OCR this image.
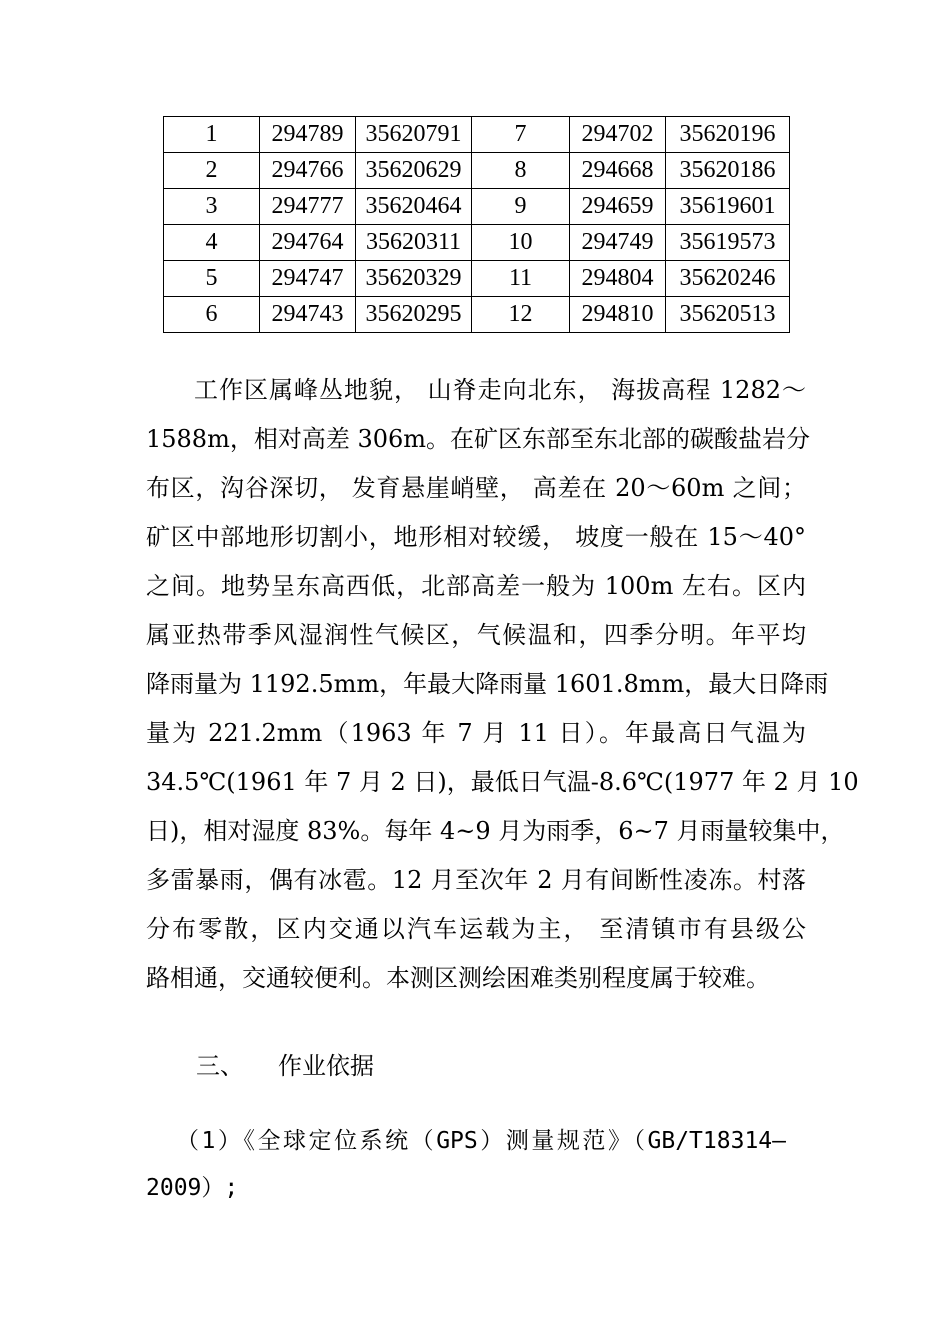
1	294789	35620791	7	294702	35620196
2	294766	35620629	8	294668	35620186
3	294777	35620464	9	294659	35619601
4	294764	35620311	10	294749	35619573
5	294747	35620329	11	294804	35620246
6	294743	35620295	12	294810	35620513

工作区属峰丛地貌， 山脊走向北东， 海拔高程 1282～
1588m，相对高差 306m。在矿区东部至东北部的碳酸盐岩分
布区，沟谷深切， 发育悬崖峭壁， 高差在 20～60m 之间；
矿区中部地形切割小，地形相对较缓， 坡度一般在 15～40°
之间。地势呈东高西低，北部高差一般为 100m 左右。区内
属亚热带季风湿润性气候区，气候温和，四季分明。年平均
降雨量为 1192.5mm，年最大降雨量 1601.8mm，最大日降雨
量为 221.2mm（1963 年 7 月 11 日）。年最高日气温为
34.5℃(1961 年 7 月 2 日)，最低日气温-8.6℃(1977 年 2 月 10
日)，相对湿度 83%。每年 4~9 月为雨季，6~7 月雨量较集中，
多雷暴雨，偶有冰雹。12 月至次年 2 月有间断性凌冻。村落
分布零散，区内交通以汽车运载为主， 至清镇市有县级公
路相通，交通较便利。本测区测绘困难类别程度属于较难。

三、 作业依据

（1）《全球定位系统（GPS）测量规范》（GB/T18314—
2009）;
